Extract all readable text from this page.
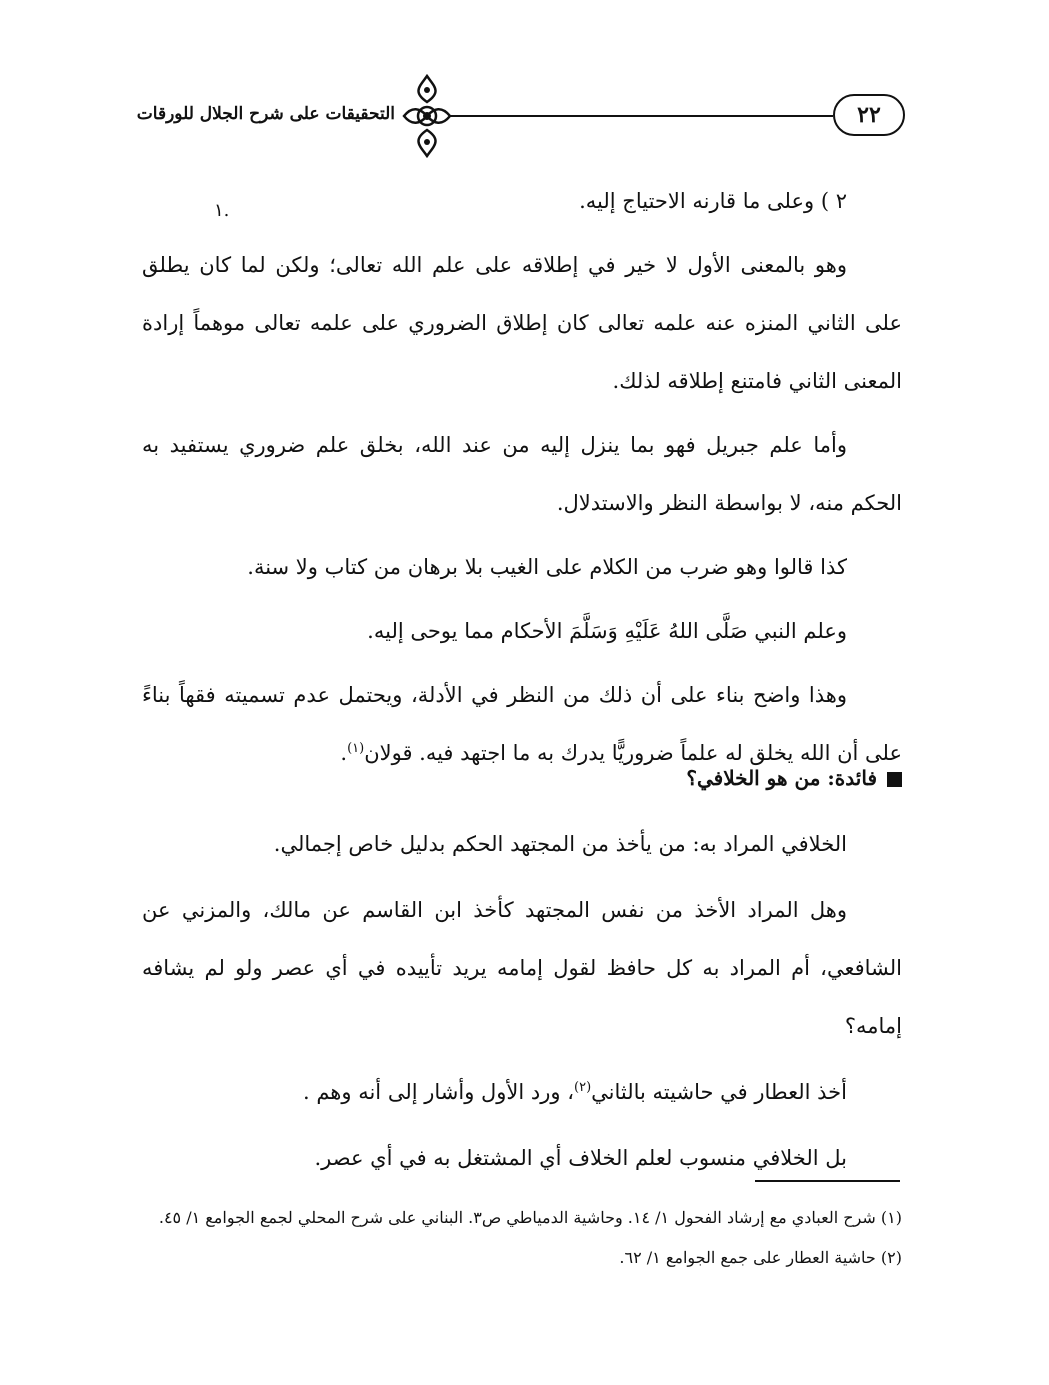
٢٢
التحقيقات على شرح الجلال للورقات
١.	٢ ) وعلى ما قارنه الاحتياج إليه.

وهو بالمعنى الأول لا خير في إطلاقه على علم الله تعالى؛ ولكن لما كان يطلق على الثاني المنزه عنه علمه تعالى كان إطلاق الضروري على علمه تعالى موهماً إرادة المعنى الثاني فامتنع إطلاقه لذلك.

وأما علم جبريل فهو بما ينزل إليه من عند الله، بخلق علم ضروري يستفيد به الحكم منه، لا بواسطة النظر والاستدلال.

كذا قالوا وهو ضرب من الكلام على الغيب بلا برهان من كتاب ولا سنة.

وعلم النبي صَلَّى اللهُ عَلَيْهِ وَسَلَّمَ الأحكام مما يوحى إليه.

وهذا واضح بناء على أن ذلك من النظر في الأدلة، ويحتمل عدم تسميته فقهاً بناءً على أن الله يخلق له علماً ضروريًّا يدرك به ما اجتهد فيه. قولان$^{(١)}$.

فائدة: من هو الخلافي؟

الخلافي المراد به: من يأخذ من المجتهد الحكم بدليل خاص إجمالي.

وهل المراد الأخذ من نفس المجتهد كأخذ ابن القاسم عن مالك، والمزني عن الشافعي، أم المراد به كل حافظ لقول إمامه يريد تأييده في أي عصر ولو لم يشافه إمامه؟

أخذ العطار في حاشيته بالثاني$^{(٢)}$، ورد الأول وأشار إلى أنه وهم .

بل الخلافي منسوب لعلم الخلاف أي المشتغل به في أي عصر.

(١) شرح العبادي مع إرشاد الفحول ١/ ١٤. وحاشية الدمياطي ص٣. البناني على شرح المحلي لجمع الجوامع ١/ ٤٥.

(٢) حاشية العطار على جمع الجوامع ١/ ٦٢.
